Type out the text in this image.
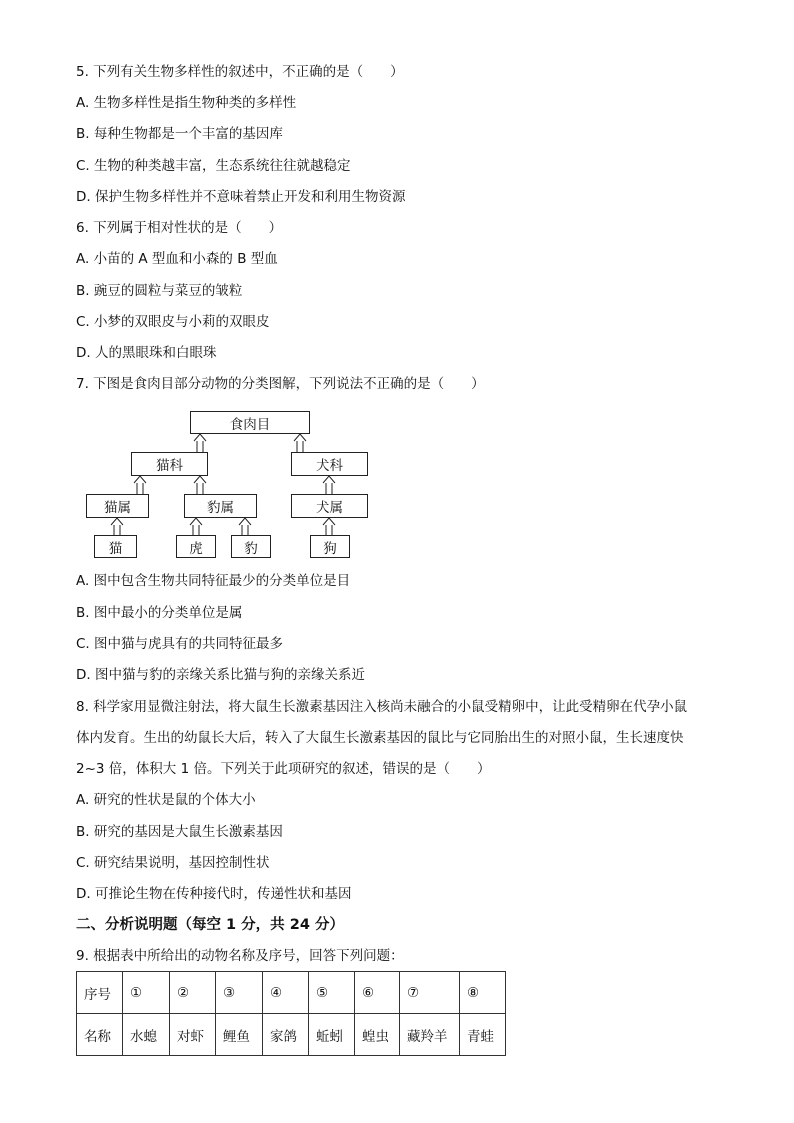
5. 下列有关生物多样性的叙述中，不正确的是（　　）
A. 生物多样性是指生物种类的多样性
B. 每种生物都是一个丰富的基因库
C. 生物的种类越丰富，生态系统往往就越稳定
D. 保护生物多样性并不意味着禁止开发和利用生物资源
6. 下列属于相对性状的是（　　）
A. 小苗的 A 型血和小森的 B 型血
B. 豌豆的圆粒与菜豆的皱粒
C. 小梦的双眼皮与小莉的双眼皮
D. 人的黑眼珠和白眼珠
7. 下图是食肉目部分动物的分类图解，下列说法不正确的是（　　）
食肉目
猫科	犬科
猫属	豹属	犬属
猫	虎	豹	狗
A. 图中包含生物共同特征最少的分类单位是目
B. 图中最小的分类单位是属
C. 图中猫与虎具有的共同特征最多
D. 图中猫与豹的亲缘关系比猫与狗的亲缘关系近
8. 科学家用显微注射法，将大鼠生长激素基因注入核尚未融合的小鼠受精卵中，让此受精卵在代孕小鼠
体内发育。生出的幼鼠长大后，转入了大鼠生长激素基因的鼠比与它同胎出生的对照小鼠，生长速度快
2~3 倍，体积大 1 倍。下列关于此项研究的叙述，错误的是（　　）
A. 研究的性状是鼠的个体大小
B. 研究的基因是大鼠生长激素基因
C. 研究结果说明，基因控制性状
D. 可推论生物在传种接代时，传递性状和基因
二、分析说明题（每空 1 分，共 24 分）
9. 根据表中所给出的动物名称及序号，回答下列问题：
序号	①	②	③	④	⑤	⑥	⑦	⑧
名称	水螅	对虾	鲤鱼	家鸽	蚯蚓	蝗虫	藏羚羊	青蛙
